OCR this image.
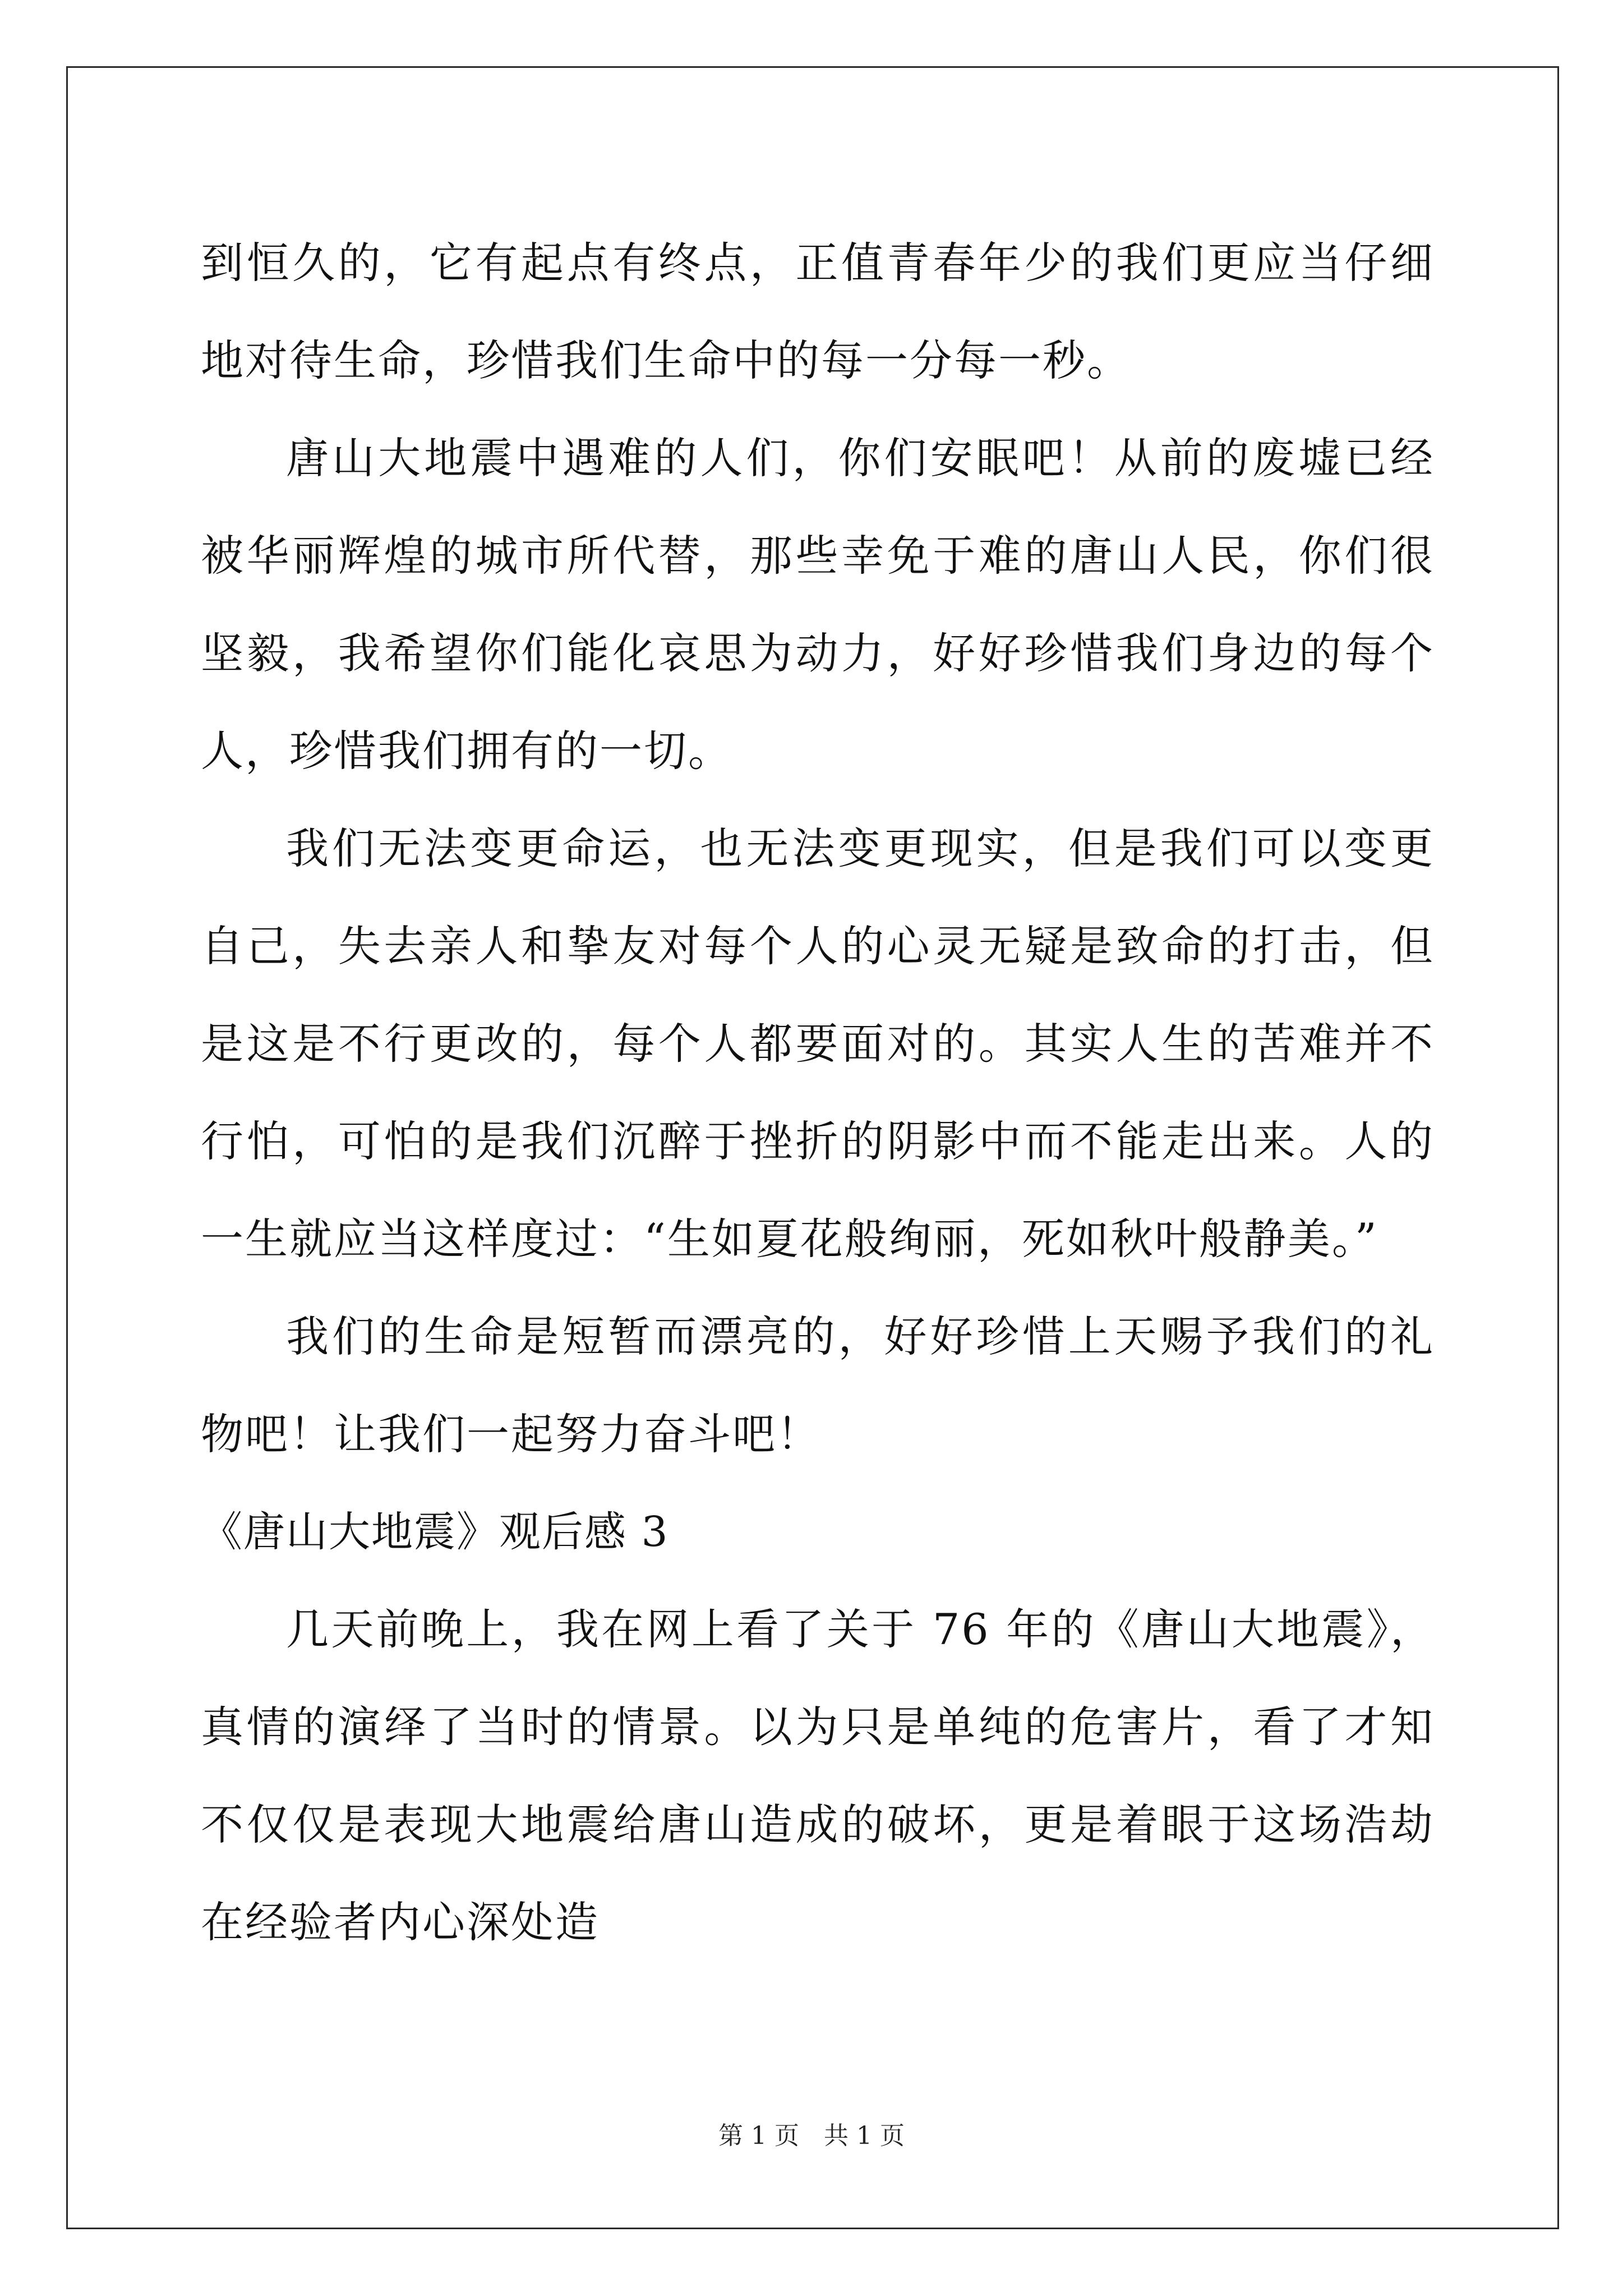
到恒久的，它有起点有终点，正值青春年少的我们更应当仔细地对待生命，珍惜我们生命中的每一分每一秒。

唐山大地震中遇难的人们，你们安眠吧！从前的废墟已经被华丽辉煌的城市所代替，那些幸免于难的唐山人民，你们很坚毅，我希望你们能化哀思为动力，好好珍惜我们身边的每个人，珍惜我们拥有的一切。

我们无法变更命运，也无法变更现实，但是我们可以变更自己，失去亲人和挚友对每个人的心灵无疑是致命的打击，但是这是不行更改的，每个人都要面对的。其实人生的苦难并不行怕，可怕的是我们沉醉于挫折的阴影中而不能走出来。人的一生就应当这样度过：“生如夏花般绚丽，死如秋叶般静美。”

我们的生命是短暂而漂亮的，好好珍惜上天赐予我们的礼物吧！让我们一起努力奋斗吧！

《唐山大地震》观后感 3

几天前晚上，我在网上看了关于 76 年的《唐山大地震》，真情的演绎了当时的情景。以为只是单纯的危害片，看了才知不仅仅是表现大地震给唐山造成的破坏，更是着眼于这场浩劫在经验者内心深处造

第 1 页 共 1 页
